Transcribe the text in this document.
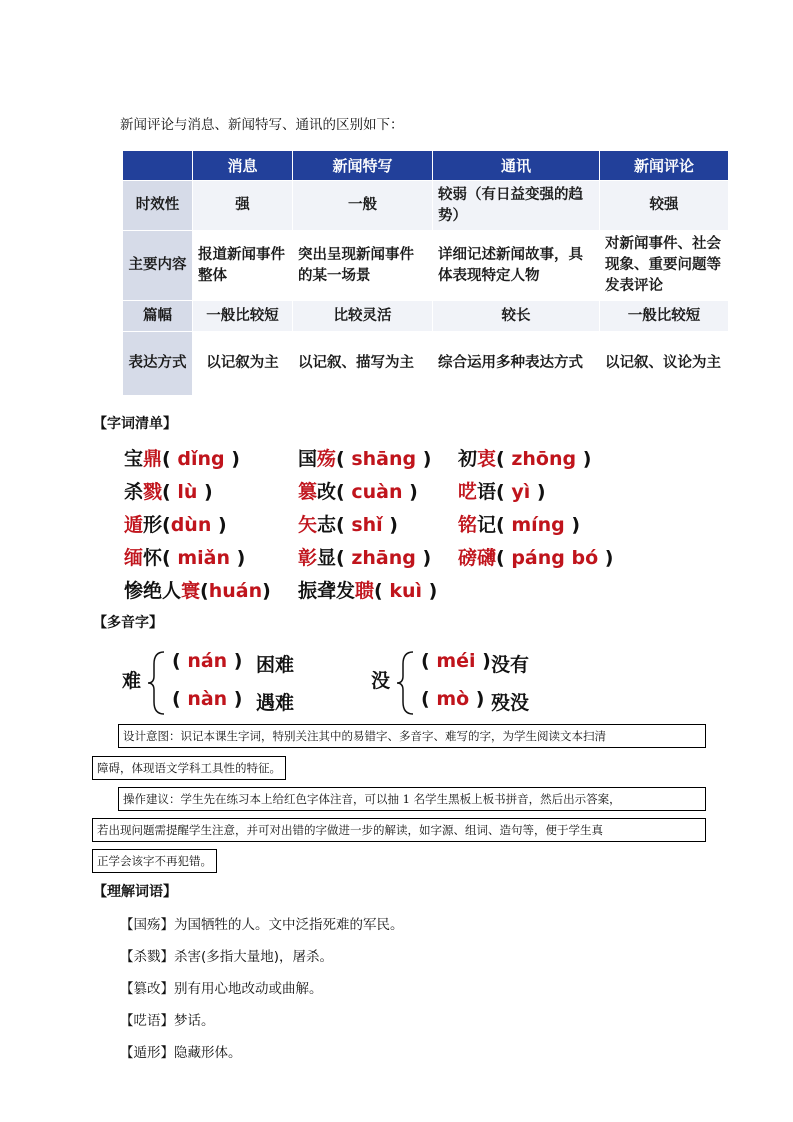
新闻评论与消息、新闻特写、通讯的区别如下：
	消息	新闻特写	通讯	新闻评论
时效性	强	一般	较弱（有日益变强的趋势）	较强
主要内容	报道新闻事件整体	突出呈现新闻事件的某一场景	详细记述新闻故事，具体表现特定人物	对新闻事件、社会现象、重要问题等发表评论
篇幅	一般比较短	比较灵活	较长	一般比较短
表达方式	以记叙为主	以记叙、描写为主	综合运用多种表达方式	以记叙、议论为主
【字词清单】
宝鼎( dǐng )	国殇( shāng ) 初衷( zhōng )
杀戮( lù )	篡改( cuàn ) 呓语( yì )
遁形(dùn )	矢志( shǐ )	铭记( míng )
缅怀( miǎn )	彰显( zhāng ) 磅礴( páng bó )
惨绝人寰(huán) 振聋发聩( kuì )
【多音字】
难
( nán ) 困难
( nàn ) 遇难
没
( méi ) 没有
( mò ) 殁没
设计意图：识记本课生字词，特别关注其中的易错字、多音字、难写的字，为学生阅读文本扫清
障碍，体现语文学科工具性的特征。
操作建议：学生先在练习本上给红色字体注音，可以抽 1 名学生黑板上板书拼音，然后出示答案，
若出现问题需提醒学生注意，并可对出错的字做进一步的解读，如字源、组词、造句等，便于学生真
正学会该字不再犯错。
【理解词语】
【国殇】为国牺牲的人。文中泛指死难的军民。
【杀戮】杀害(多指大量地)，屠杀。
【篡改】别有用心地改动或曲解。
【呓语】梦话。
【遁形】隐藏形体。
